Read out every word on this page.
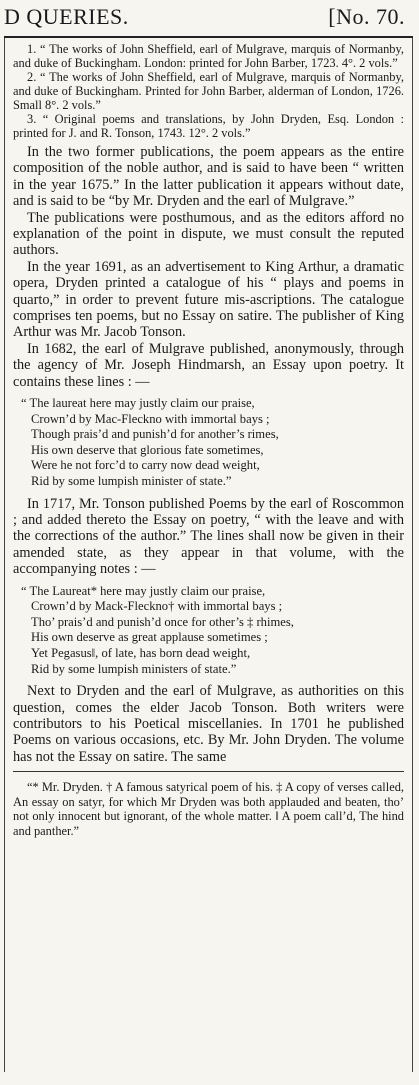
D QUERIES.	[No. 70.

1. “ The works of John Sheffield, earl of Mulgrave, marquis of Normanby, and duke of Buckingham. London: printed for John Barber, 1723. 4°. 2 vols.”

2. “ The works of John Sheffield, earl of Mulgrave, marquis of Normanby, and duke of Buckingham. Printed for John Barber, alderman of London, 1726. Small 8°. 2 vols.”

3. “ Original poems and translations, by John Dryden, Esq. London : printed for J. and R. Tonson, 1743. 12°. 2 vols.”

In the two former publications, the poem appears as the entire composition of the noble author, and is said to have been “ written in the year 1675.” In the latter publication it appears without date, and is said to be “by Mr. Dryden and the earl of Mulgrave.”

The publications were posthumous, and as the editors afford no explanation of the point in dispute, we must consult the reputed authors.

In the year 1691, as an advertisement to King Arthur, a dramatic opera, Dryden printed a catalogue of his “ plays and poems in quarto,” in order to prevent future mis-ascriptions. The catalogue comprises ten poems, but no Essay on satire. The publisher of King Arthur was Mr. Jacob Tonson.

In 1682, the earl of Mulgrave published, anonymously, through the agency of Mr. Joseph Hindmarsh, an Essay upon poetry. It contains these lines : —

“ The laureat here may justly claim our praise,
Crown’d by Mac-Fleckno with immortal bays ;
Though prais’d and punish’d for another’s rimes,
His own deserve that glorious fate sometimes,
Were he not forc’d to carry now dead weight,
Rid by some lumpish minister of state.”

In 1717, Mr. Tonson published Poems by the earl of Roscommon ; and added thereto the Essay on poetry, “ with the leave and with the corrections of the author.” The lines shall now be given in their amended state, as they appear in that volume, with the accompanying notes : —

“ The Laureat* here may justly claim our praise,
Crown’d by Mack-Fleckno† with immortal bays ;
Tho’ prais’d and punish’d once for other’s ‡ rhimes,
His own deserve as great applause sometimes ;
Yet Pegasus‖, of late, has born dead weight,
Rid by some lumpish ministers of state.”

Next to Dryden and the earl of Mulgrave, as authorities on this question, comes the elder Jacob Tonson. Both writers were contributors to his Poetical miscellanies. In 1701 he published Poems on various occasions, etc. By Mr. John Dryden. The volume has not the Essay on satire. The same

“* Mr. Dryden. † A famous satyrical poem of his. ‡ A copy of verses called, An essay on satyr, for which Mr Dryden was both applauded and beaten, tho’ not only innocent but ignorant, of the whole matter. ‖ A poem call’d, The hind and panther.”
